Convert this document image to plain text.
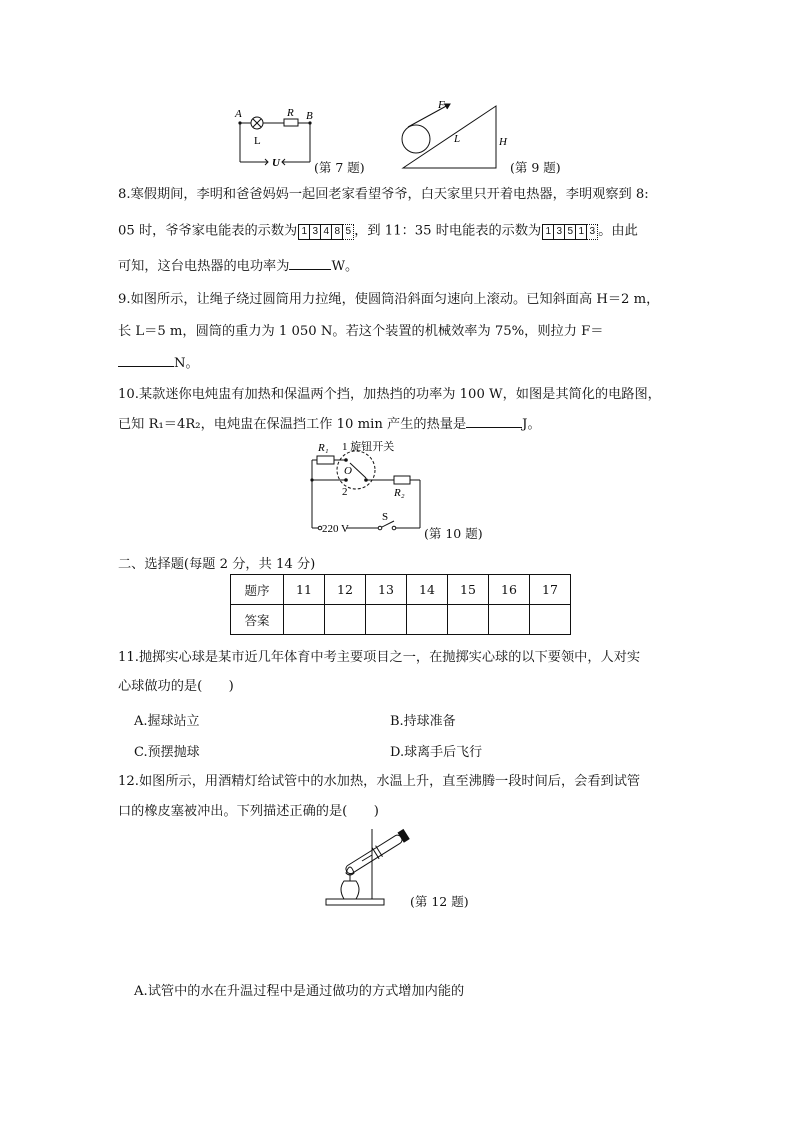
A	B
R
L
U	(第 7 题)
F
L	H
(第 9 题)
8.寒假期间，李明和爸爸妈妈一起回老家看望爷爷，白天家里只开着电热器，李明观察到 8:
05 时，爷爷家电能表的示数为 1 3 4 8 5 ，到 11：35 时电能表的示数为 1 3 5 1 3 。由此
可知，这台电热器的电功率为	W。
9.如图所示，让绳子绕过圆筒用力拉绳，使圆筒沿斜面匀速向上滚动。已知斜面高 H＝2 m，
长 L＝5 m，圆筒的重力为 1 050 N。若这个装置的机械效率为 75%，则拉力 F＝
N。
10.某款迷你电炖盅有加热和保温两个挡，加热挡的功率为 100 W，如图是其简化的电路图，
已知 R₁＝4R₂，电炖盅在保温挡工作 10 min 产生的热量是	J。
R₁ 1 旋钮开关
O
2	R₂
220 V
S
(第 10 题)
二、选择题(每题 2 分，共 14 分)
题序	11	12	13	14	15	16	17
答案							
11.抛掷实心球是某市近几年体育中考主要项目之一，在抛掷实心球的以下要领中，人对实
心球做功的是(　　)
A.握球站立	B.持球准备
C.预摆抛球	D.球离手后飞行
12.如图所示，用酒精灯给试管中的水加热，水温上升，直至沸腾一段时间后，会看到试管
口的橡皮塞被冲出。下列描述正确的是(　　)
(第 12 题)
A.试管中的水在升温过程中是通过做功的方式增加内能的
